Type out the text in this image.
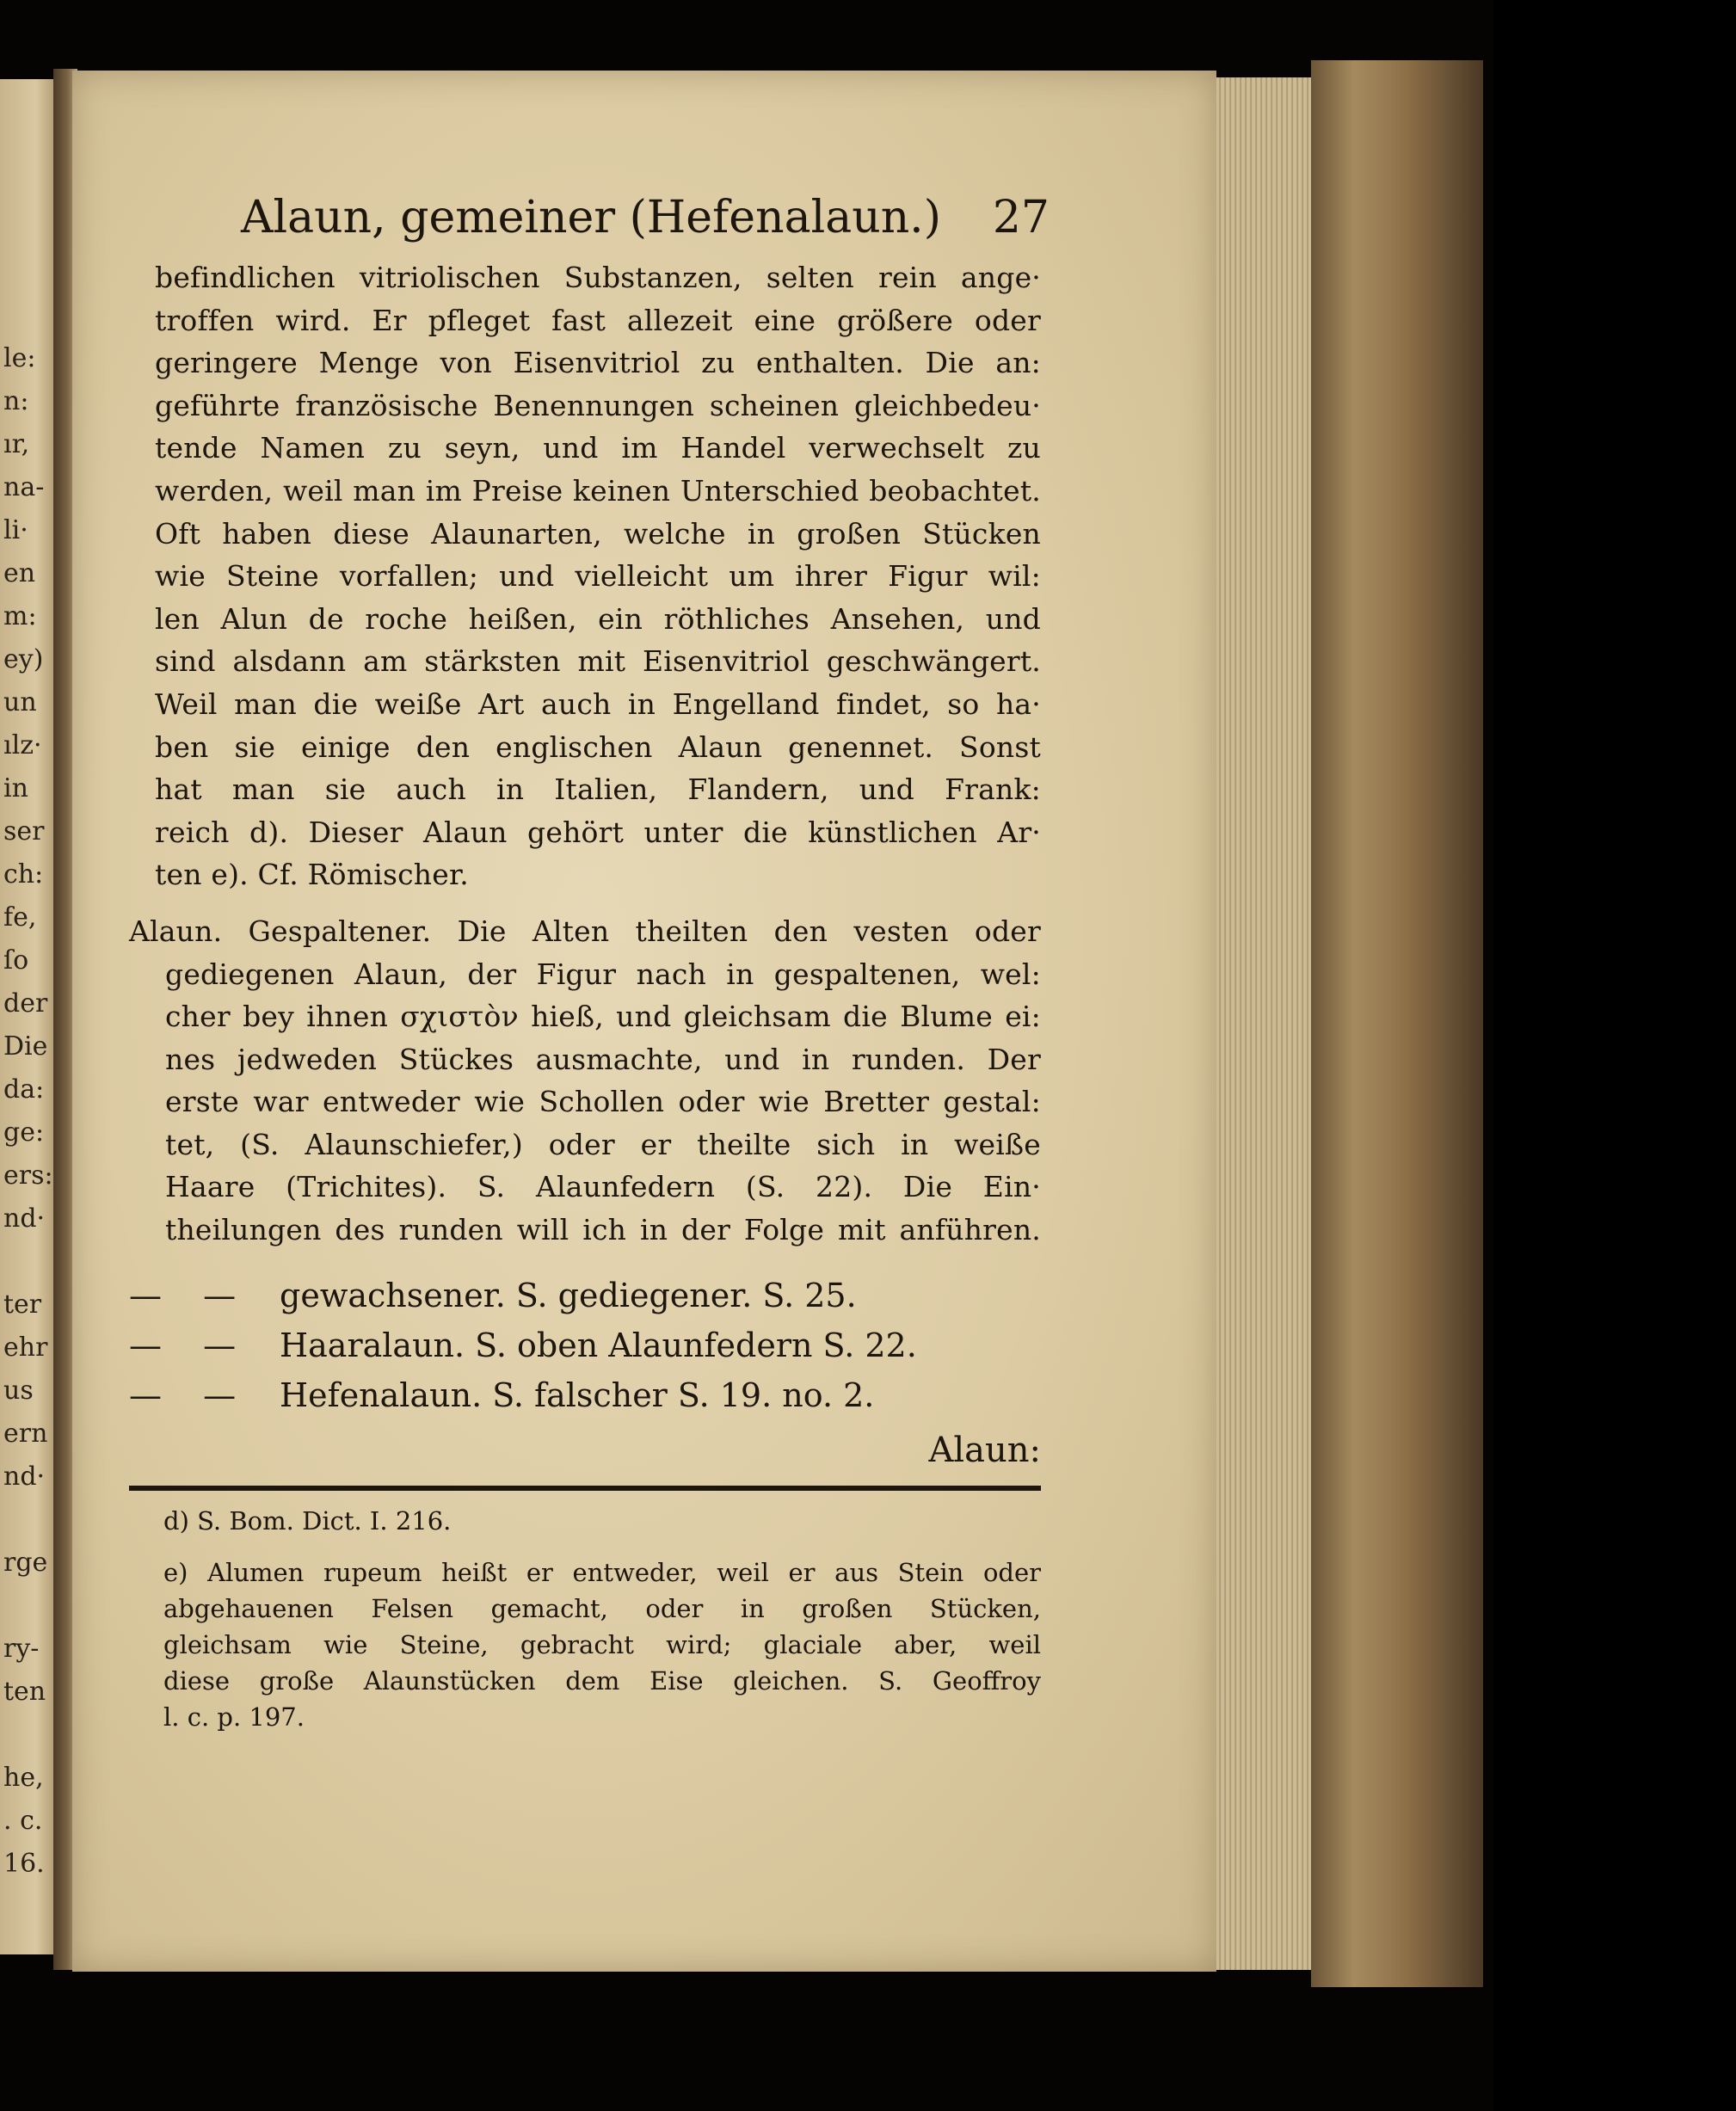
le:
n:
ır,
na-
li·
en
m:
ey)
un
ılz·
in
ser
ch:
fe,
ſo
der
Die
da:
ge:
ers:
nd·
ter
ehr
us
ern
nd·
rge
ry-
ten
he,
. c.
16.
Alaun, gemeiner (Hefenalaun.) 27
befindlichen vitriolischen Substanzen, selten rein ange·
troffen wird. Er pfleget fast allezeit eine größere oder
geringere Menge von Eisenvitriol zu enthalten. Die an:
geführte französische Benennungen scheinen gleichbedeu·
tende Namen zu seyn, und im Handel verwechselt zu
werden, weil man im Preise keinen Unterschied beobachtet.
Oft haben diese Alaunarten, welche in großen Stücken
wie Steine vorfallen; und vielleicht um ihrer Figur wil:
len Alun de roche heißen, ein röthliches Ansehen, und
sind alsdann am stärksten mit Eisenvitriol geschwängert.
Weil man die weiße Art auch in Engelland findet, so ha·
ben sie einige den englischen Alaun genennet. Sonst
hat man sie auch in Italien, Flandern, und Frank:
reich d). Dieser Alaun gehört unter die künstlichen Ar·
ten e). Cf. Römischer.
Alaun. Gespaltener. Die Alten theilten den vesten oder
gediegenen Alaun, der Figur nach in gespaltenen, wel:
cher bey ihnen σχιστὸν hieß, und gleichsam die Blume ei:
nes jedweden Stückes ausmachte, und in runden. Der
erste war entweder wie Schollen oder wie Bretter gestal:
tet, (S. Alaunschiefer,) oder er theilte sich in weiße
Haare (Trichites). S. Alaunfedern (S. 22). Die Ein·
theilungen des runden will ich in der Folge mit anführen.
— — gewachsener. S. gediegener. S. 25.
— — Haaralaun. S. oben Alaunfedern S. 22.
— — Hefenalaun. S. falscher S. 19. no. 2.
Alaun:
d) S. Bom. Dict. I. 216.
e) Alumen rupeum heißt er entweder, weil er aus Stein oder
abgehauenen Felsen gemacht, oder in großen Stücken,
gleichsam wie Steine, gebracht wird; glaciale aber, weil
diese große Alaunstücken dem Eise gleichen. S. Geoffroy
l. c. p. 197.
